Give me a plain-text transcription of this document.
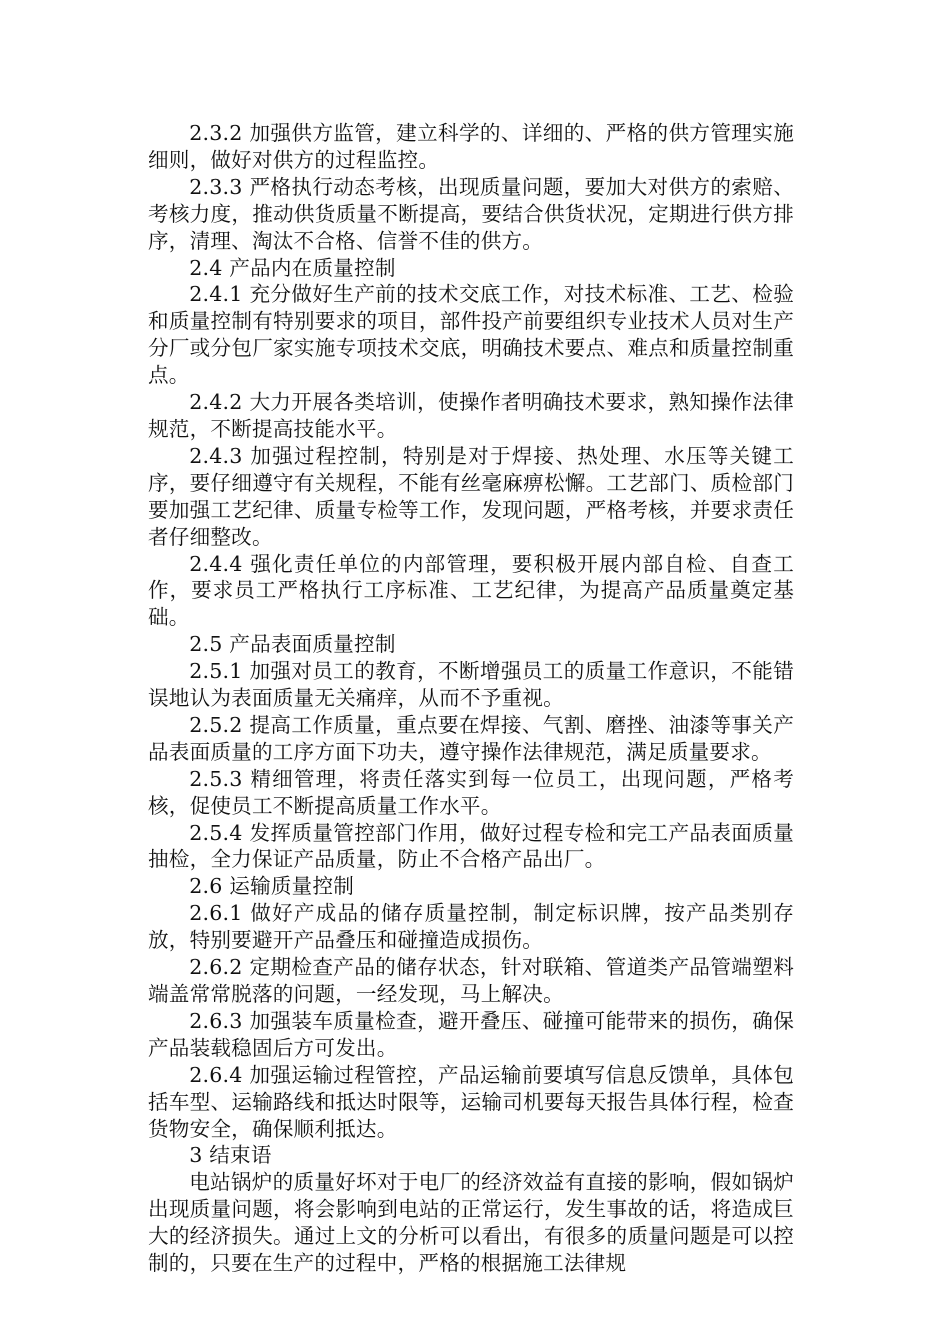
2.3.2 加强供方监管，建立科学的、详细的、严格的供方管理实施细则，做好对供方的过程监控。

2.3.3 严格执行动态考核，出现质量问题，要加大对供方的索赔、考核力度，推动供货质量不断提高，要结合供货状况，定期进行供方排序，清理、淘汰不合格、信誉不佳的供方。

2.4 产品内在质量控制

2.4.1 充分做好生产前的技术交底工作，对技术标准、工艺、检验和质量控制有特别要求的项目，部件投产前要组织专业技术人员对生产分厂或分包厂家实施专项技术交底，明确技术要点、难点和质量控制重点。

2.4.2 大力开展各类培训，使操作者明确技术要求，熟知操作法律规范，不断提高技能水平。

2.4.3 加强过程控制，特别是对于焊接、热处理、水压等关键工序，要仔细遵守有关规程，不能有丝毫麻痹松懈。工艺部门、质检部门要加强工艺纪律、质量专检等工作，发现问题，严格考核，并要求责任者仔细整改。

2.4.4 强化责任单位的内部管理，要积极开展内部自检、自查工作，要求员工严格执行工序标准、工艺纪律，为提高产品质量奠定基础。

2.5 产品表面质量控制

2.5.1 加强对员工的教育，不断增强员工的质量工作意识，不能错误地认为表面质量无关痛痒，从而不予重视。

2.5.2 提高工作质量，重点要在焊接、气割、磨挫、油漆等事关产品表面质量的工序方面下功夫，遵守操作法律规范，满足质量要求。

2.5.3 精细管理，将责任落实到每一位员工，出现问题，严格考核，促使员工不断提高质量工作水平。

2.5.4 发挥质量管控部门作用，做好过程专检和完工产品表面质量抽检，全力保证产品质量，防止不合格产品出厂。

2.6 运输质量控制

2.6.1 做好产成品的储存质量控制，制定标识牌，按产品类别存放，特别要避开产品叠压和碰撞造成损伤。

2.6.2 定期检查产品的储存状态，针对联箱、管道类产品管端塑料端盖常常脱落的问题，一经发现，马上解决。

2.6.3 加强装车质量检查，避开叠压、碰撞可能带来的损伤，确保产品装载稳固后方可发出。

2.6.4 加强运输过程管控，产品运输前要填写信息反馈单，具体包括车型、运输路线和抵达时限等，运输司机要每天报告具体行程，检查货物安全，确保顺利抵达。

3 结束语

电站锅炉的质量好坏对于电厂的经济效益有直接的影响，假如锅炉出现质量问题，将会影响到电站的正常运行，发生事故的话，将造成巨大的经济损失。通过上文的分析可以看出，有很多的质量问题是可以控制的，只要在生产的过程中，严格的根据施工法律规
